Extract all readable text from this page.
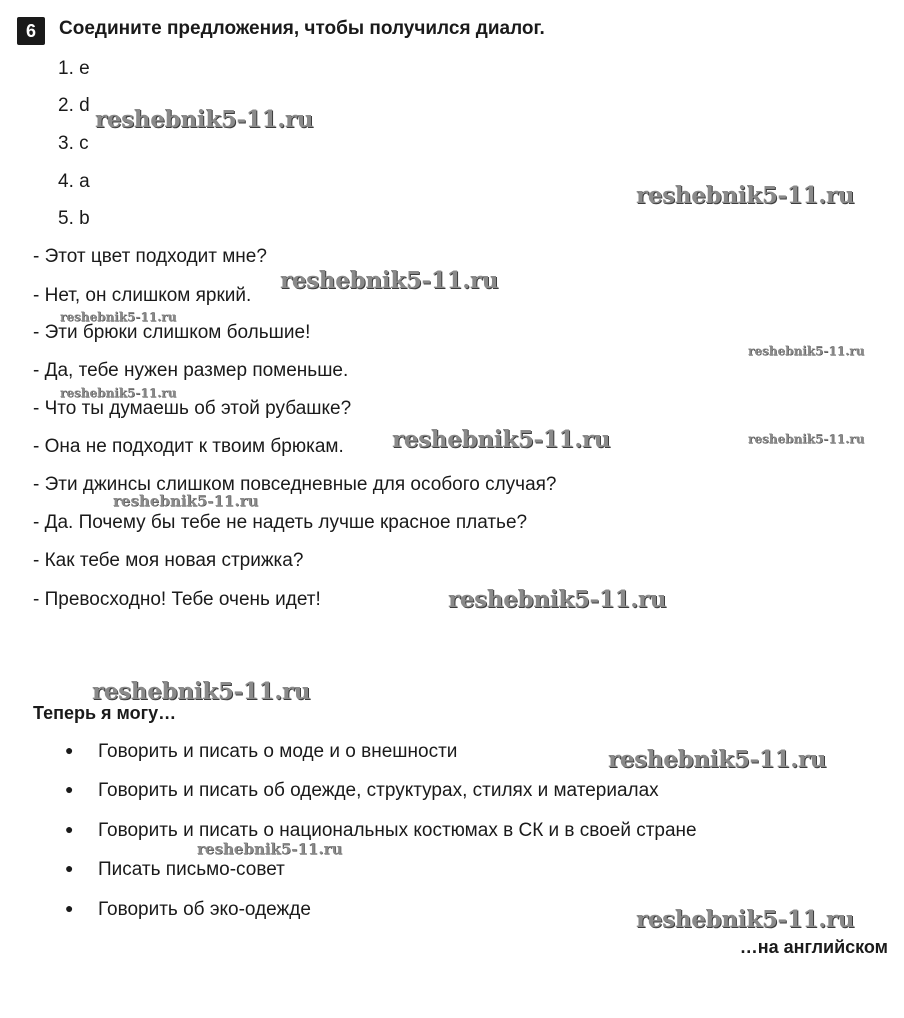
6	Соедините предложения, чтобы получился диалог.
1. e
2. d
3. c
4. a
5. b
- Этот цвет подходит мне?
- Нет, он слишком яркий.
- Эти брюки слишком большие!
- Да, тебе нужен размер поменьше.
- Что ты думаешь об этой рубашке?
- Она не подходит к твоим брюкам.
- Эти джинсы слишком повседневные для особого случая?
- Да. Почему бы тебе не надеть лучше красное платье?
- Как тебе моя новая стрижка?
- Превосходно! Тебе очень идет!
Теперь я могу…
● Говорить и писать о моде и о внешности
● Говорить и писать об одежде, структурах, стилях и материалах
● Говорить и писать о национальных костюмах в СК и в своей стране
● Писать письмо-совет
● Говорить об эко-одежде
…на английском
reshebnik5-11.ru
reshebnik5-11.ru
reshebnik5-11.ru
reshebnik5-11.ru
reshebnik5-11.ru
reshebnik5-11.ru
reshebnik5-11.ru	reshebnik5-11.ru
reshebnik5-11.ru
reshebnik5-11.ru
reshebnik5-11.ru
reshebnik5-11.ru
reshebnik5-11.ru
reshebnik5-11.ru
